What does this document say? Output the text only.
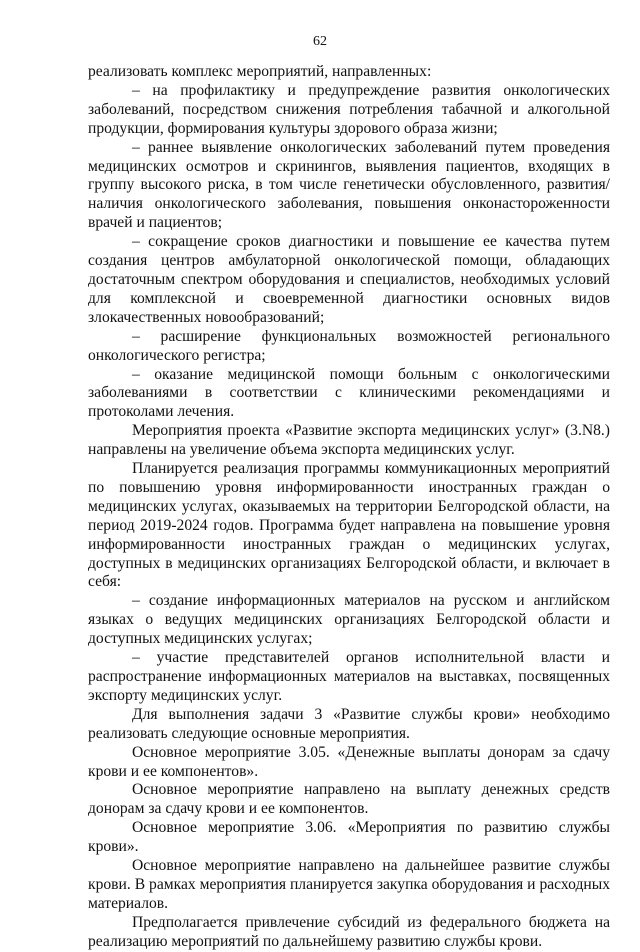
62

реализовать комплекс мероприятий, направленных:

– на профилактику и предупреждение развития онкологических заболеваний, посредством снижения потребления табачной и алкогольной продукции, формирования культуры здорового образа жизни;

– раннее выявление онкологических заболеваний путем проведения медицинских осмотров и скринингов, выявления пациентов, входящих в группу высокого риска, в том числе генетически обусловленного, развития/наличия онкологического заболевания, повышения онконастороженности врачей и пациентов;

– сокращение сроков диагностики и повышение ее качества путем создания центров амбулаторной онкологической помощи, обладающих достаточным спектром оборудования и специалистов, необходимых условий для комплексной и своевременной диагностики основных видов злокачественных новообразований;

– расширение функциональных возможностей регионального онкологического регистра;

– оказание медицинской помощи больным с онкологическими заболеваниями в соответствии с клиническими рекомендациями и протоколами лечения.

Мероприятия проекта «Развитие экспорта медицинских услуг» (3.N8.) направлены на увеличение объема экспорта медицинских услуг.

Планируется реализация программы коммуникационных мероприятий по повышению уровня информированности иностранных граждан о медицинских услугах, оказываемых на территории Белгородской области, на период 2019-2024 годов. Программа будет направлена на повышение уровня информированности иностранных граждан о медицинских услугах, доступных в медицинских организациях Белгородской области, и включает в себя:

– создание информационных материалов на русском и английском языках о ведущих медицинских организациях Белгородской области и доступных медицинских услугах;

– участие представителей органов исполнительной власти и распространение информационных материалов на выставках, посвященных экспорту медицинских услуг.

Для выполнения задачи 3 «Развитие службы крови» необходимо реализовать следующие основные мероприятия.

Основное мероприятие 3.05. «Денежные выплаты донорам за сдачу крови и ее компонентов».

Основное мероприятие направлено на выплату денежных средств донорам за сдачу крови и ее компонентов.

Основное мероприятие 3.06. «Мероприятия по развитию службы крови».

Основное мероприятие направлено на дальнейшее развитие службы крови. В рамках мероприятия планируется закупка оборудования и расходных материалов.

Предполагается привлечение субсидий из федерального бюджета на реализацию мероприятий по дальнейшему развитию службы крови.
